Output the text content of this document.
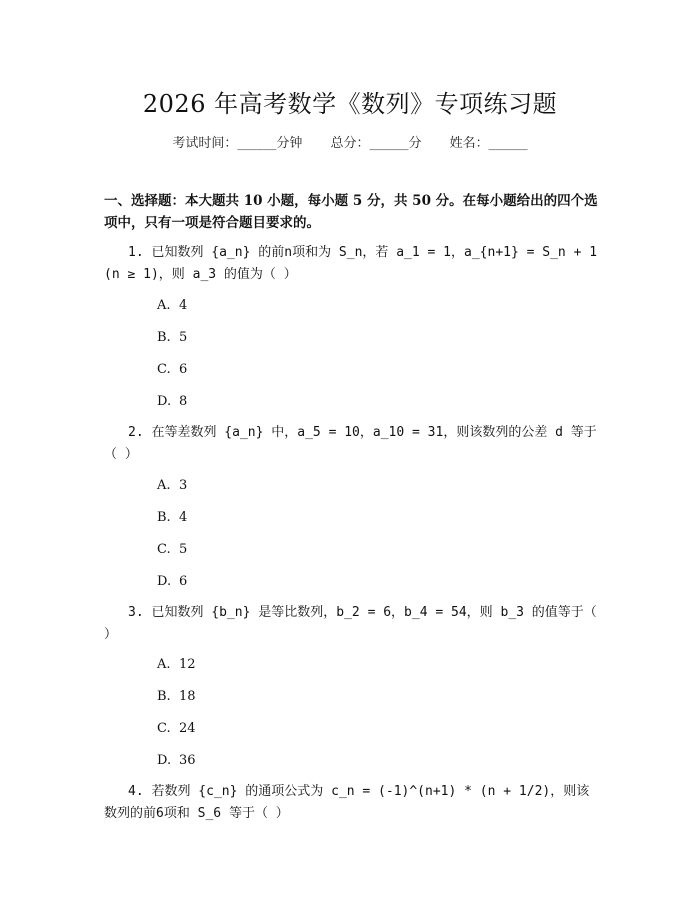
2026 年高考数学《数列》专项练习题
考试时间：______分钟 总分：______分 姓名：______
一、选择题：本大题共 10 小题，每小题 5 分，共 50 分。在每小题给出的四个选项中，只有一项是符合题目要求的。
1. 已知数列 {a_n} 的前n项和为 S_n，若 a_1 = 1，a_{n+1} = S_n + 1 (n ≥ 1)，则 a_3 的值为（ ）
A. 4
B. 5
C. 6
D. 8
2. 在等差数列 {a_n} 中，a_5 = 10，a_10 = 31，则该数列的公差 d 等于（ ）
A. 3
B. 4
C. 5
D. 6
3. 已知数列 {b_n} 是等比数列，b_2 = 6，b_4 = 54，则 b_3 的值等于（ ）
A. 12
B. 18
C. 24
D. 36
4. 若数列 {c_n} 的通项公式为 c_n = (-1)^(n+1) * (n + 1/2)，则该数列的前6项和 S_6 等于（ ）
